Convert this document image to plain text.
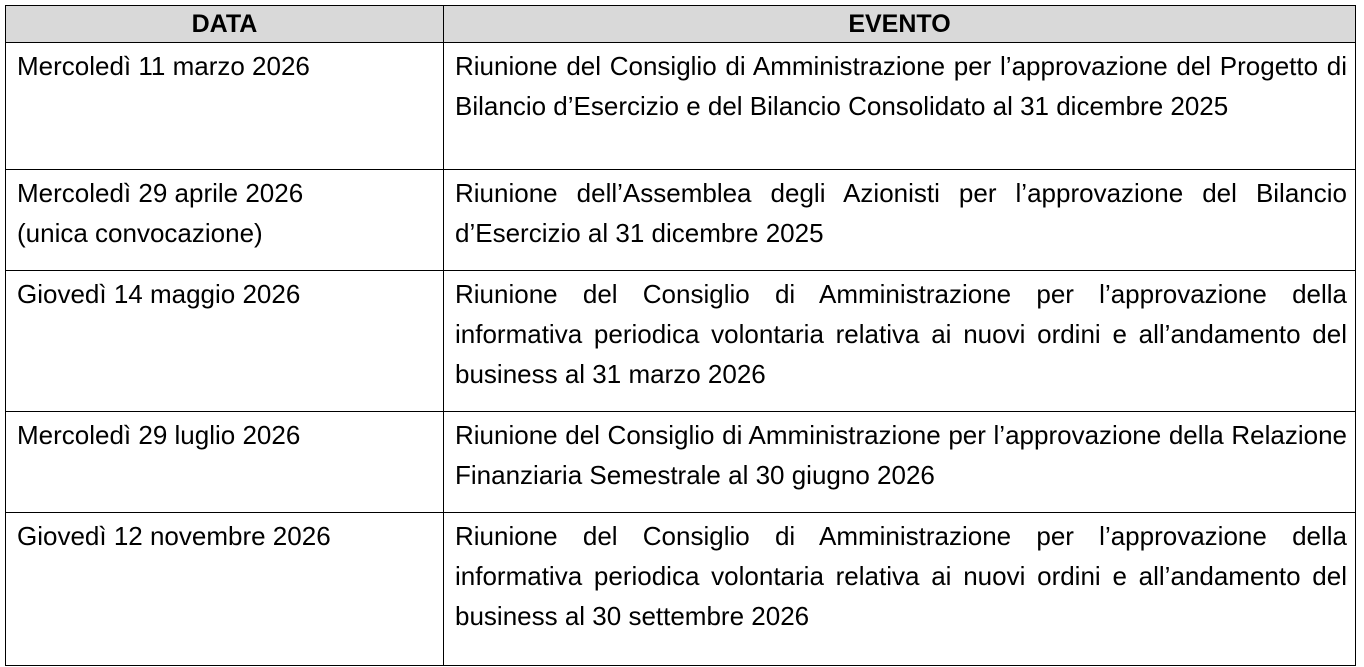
DATA	EVENTO

Mercoledì 11 marzo 2026	Riunione del Consiglio di Amministrazione per l’approvazione del Progetto di Bilancio d’Esercizio e del Bilancio Consolidato al 31 dicembre 2025

Mercoledì 29 aprile 2026
(unica convocazione)	Riunione dell’Assemblea degli Azionisti per l’approvazione del Bilancio d’Esercizio al 31 dicembre 2025

Giovedì 14 maggio 2026	Riunione del Consiglio di Amministrazione per l’approvazione della informativa periodica volontaria relativa ai nuovi ordini e all’andamento del business al 31 marzo 2026

Mercoledì 29 luglio 2026	Riunione del Consiglio di Amministrazione per l’approvazione della Relazione Finanziaria Semestrale al 30 giugno 2026

Giovedì 12 novembre 2026	Riunione del Consiglio di Amministrazione per l’approvazione della informativa periodica volontaria relativa ai nuovi ordini e all’andamento del business al 30 settembre 2026
